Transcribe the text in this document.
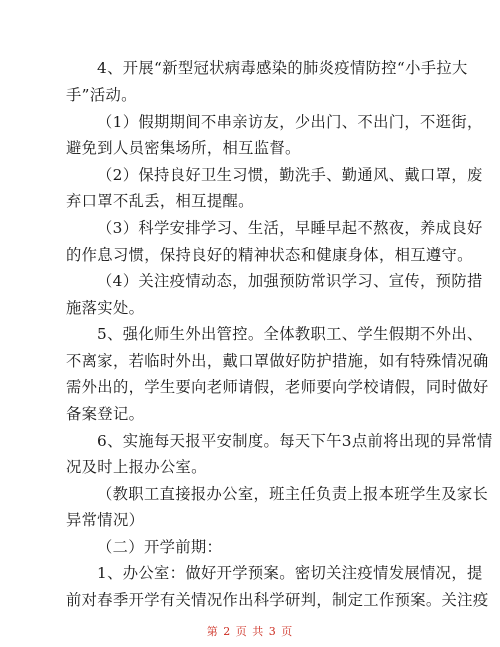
4、开展“新型冠状病毒感染的肺炎疫情防控“小手拉大
手”活动。
（1）假期期间不串亲访友，少出门、不出门，不逛街，
避免到人员密集场所，相互监督。
（2）保持良好卫生习惯，勤洗手、勤通风、戴口罩，废
弃口罩不乱丢，相互提醒。
（3）科学安排学习、生活，早睡早起不熬夜，养成良好
的作息习惯，保持良好的精神状态和健康身体，相互遵守。
（4）关注疫情动态，加强预防常识学习、宣传，预防措
施落实处。
5、强化师生外出管控。全体教职工、学生假期不外出、
不离家，若临时外出，戴口罩做好防护措施，如有特殊情况确
需外出的，学生要向老师请假，老师要向学校请假，同时做好
备案登记。
6、实施每天报平安制度。每天下午3点前将出现的异常情
况及时上报办公室。
（教职工直接报办公室，班主任负责上报本班学生及家长
异常情况）
（二）开学前期：
1、办公室：做好开学预案。密切关注疫情发展情况，提
前对春季开学有关情况作出科学研判，制定工作预案。关注疫
第 2 页 共 3 页
